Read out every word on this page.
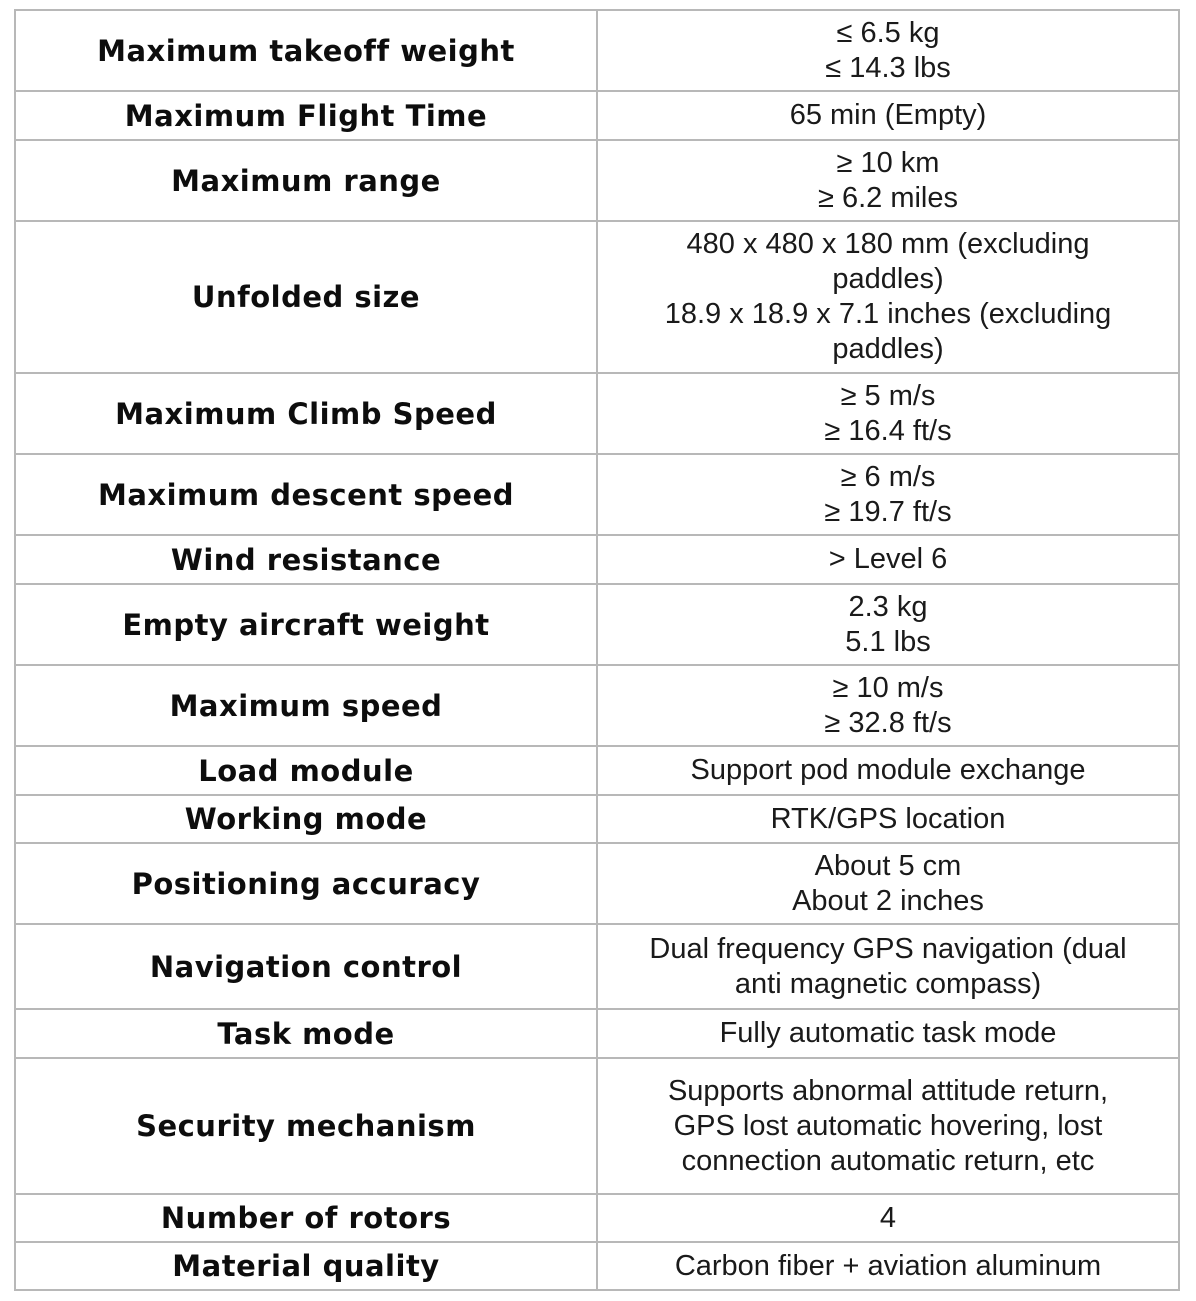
Maximum takeoff weight	≤ 6.5 kg
≤ 14.3 lbs

Maximum Flight Time	65 min (Empty)

Maximum range	≥ 10 km
≥ 6.2 miles

Unfolded size	480 x 480 x 180 mm (excluding
paddles)
18.9 x 18.9 x 7.1 inches (excluding
paddles)

Maximum Climb Speed	≥ 5 m/s
≥ 16.4 ft/s

Maximum descent speed	≥ 6 m/s
≥ 19.7 ft/s

Wind resistance	> Level 6

Empty aircraft weight	2.3 kg
5.1 lbs

Maximum speed	≥ 10 m/s
≥ 32.8 ft/s

Load module	Support pod module exchange

Working mode	RTK/GPS location

Positioning accuracy	About 5 cm
About 2 inches

Navigation control	Dual frequency GPS navigation (dual
anti magnetic compass)

Task mode	Fully automatic task mode

Security mechanism	Supports abnormal attitude return,
GPS lost automatic hovering, lost
connection automatic return, etc

Number of rotors	4

Material quality	Carbon fiber + aviation aluminum
